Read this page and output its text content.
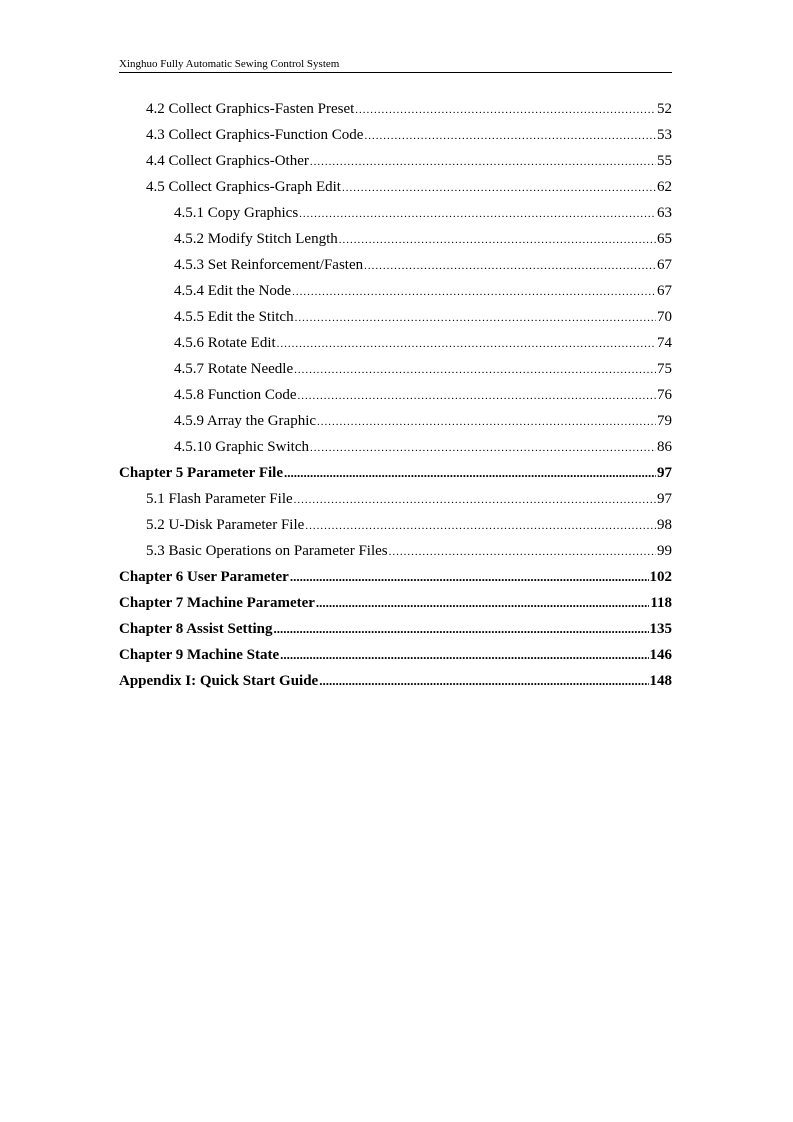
Xinghuo Fully Automatic Sewing Control System
4.2 Collect Graphics-Fasten Preset .....	52
4.3 Collect Graphics-Function Code .....	53
4.4 Collect Graphics-Other .....	55
4.5 Collect Graphics-Graph Edit .....	62
4.5.1 Copy Graphics .....	63
4.5.2 Modify Stitch Length .....	65
4.5.3 Set Reinforcement/Fasten .....	67
4.5.4 Edit the Node .....	67
4.5.5 Edit the Stitch .....	70
4.5.6 Rotate Edit .....	74
4.5.7 Rotate Needle .....	75
4.5.8 Function Code .....	76
4.5.9 Array the Graphic .....	79
4.5.10 Graphic Switch .....	86
Chapter 5 Parameter File .....	97
5.1 Flash Parameter File .....	97
5.2 U-Disk Parameter File .....	98
5.3 Basic Operations on Parameter Files .....	99
Chapter 6 User Parameter .....	102
Chapter 7 Machine Parameter .....	118
Chapter 8 Assist Setting .....	135
Chapter 9 Machine State .....	146
Appendix I: Quick Start Guide .....	148
